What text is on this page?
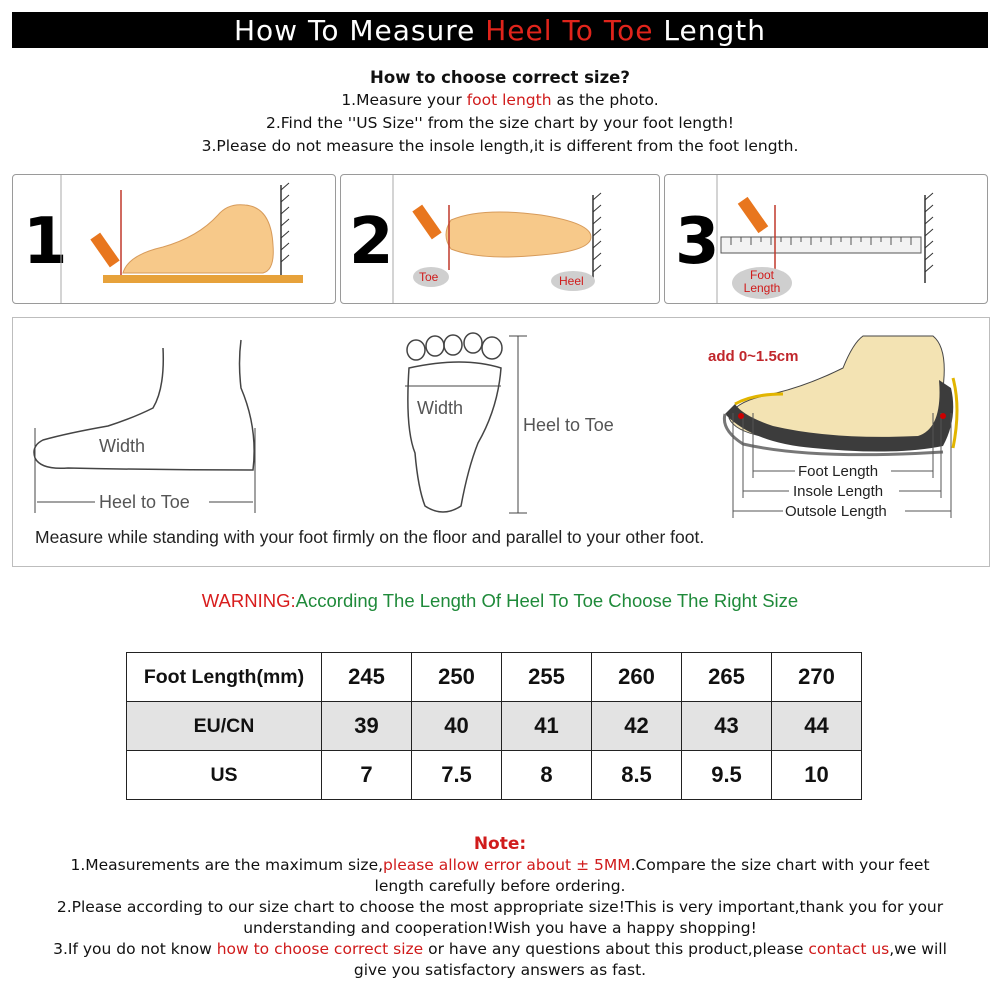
How To Measure Heel To Toe Length
How to choose correct size?
1.Measure your foot length as the photo.
2.Find the ''US Size'' from the size chart by your foot length!
3.Please do not measure the insole length,it is different from the foot length.
1	2 Toe	Heel
3	Foot Length
Width
Heel to Toe
Width
Heel to Toe
add 0~1.5cm
Foot Length
Insole Length
Outsole Length
Measure while standing with your foot firmly on the floor and parallel to your other foot.
WARNING:According The Length Of Heel To Toe Choose The Right Size
Foot Length(mm)	245	250	255	260	265	270
EU/CN	39	40	41	42	43	44
US	7	7.5	8	8.5	9.5	10
Note:
1.Measurements are the maximum size,please allow error about ± 5MM.Compare the size chart with your feet
length carefully before ordering.
2.Please according to our size chart to choose the most appropriate size!This is very important,thank you for your
understanding and cooperation!Wish you have a happy shopping!
3.If you do not know how to choose correct size or have any questions about this product,please contact us,we will
give you satisfactory answers as fast.
